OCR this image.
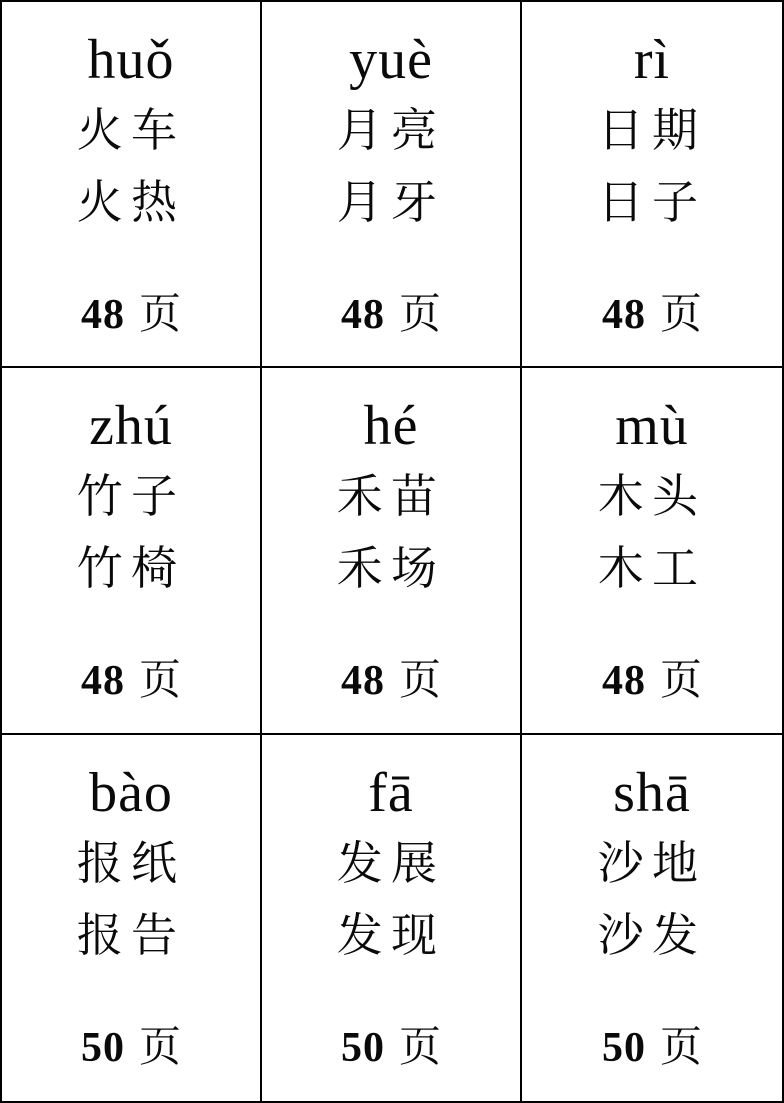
huǒ
火车
火热
48 页
yuè
月亮
月牙
48 页
rì
日期
日子
48 页
zhú
竹子
竹椅
48 页
hé
禾苗
禾场
48 页
mù
木头
木工
48 页
bào
报纸
报告
50 页
fā
发展
发现
50 页
shā
沙地
沙发
50 页
